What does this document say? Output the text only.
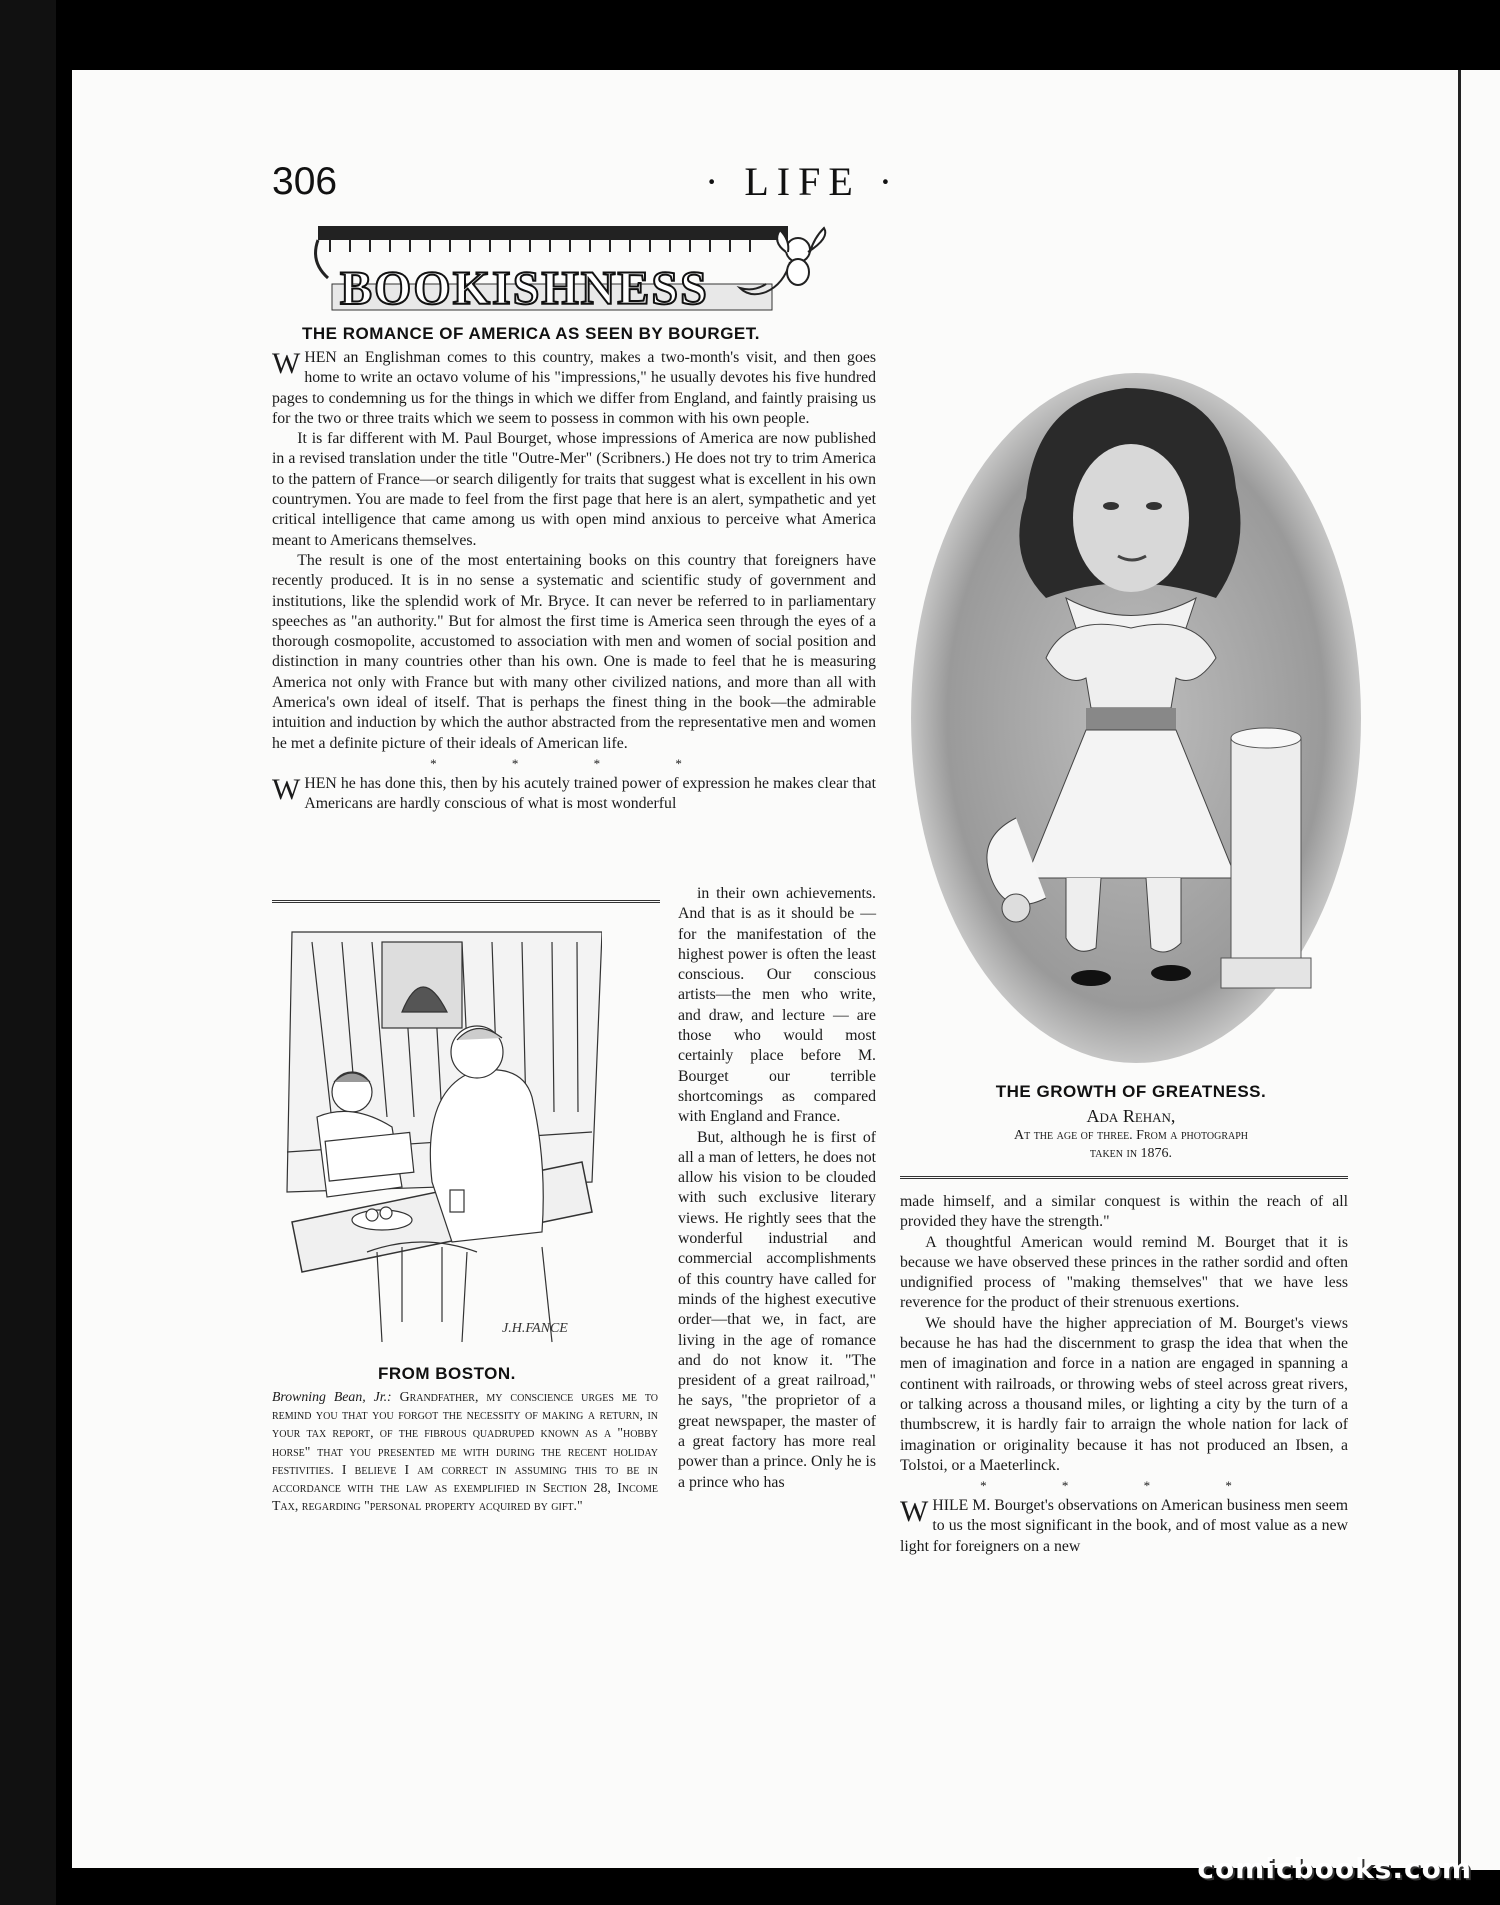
306	· LIFE ·
BOOKISHNESS
THE ROMANCE OF AMERICA AS SEEN BY BOURGET.

WHEN an Englishman comes to this country, makes a two-month's visit, and then goes home to write an octavo volume of his "impressions," he usually devotes his five hundred pages to condemning us for the things in which we differ from England, and faintly praising us for the two or three traits which we seem to possess in common with his own people.

It is far different with M. Paul Bourget, whose impressions of America are now published in a revised translation under the title "Outre-Mer" (Scribners.) He does not try to trim America to the pattern of France—or search diligently for traits that suggest what is excellent in his own countrymen. You are made to feel from the first page that here is an alert, sympathetic and yet critical intelligence that came among us with open mind anxious to perceive what America meant to Americans themselves.

The result is one of the most entertaining books on this country that foreigners have recently produced. It is in no sense a systematic and scientific study of government and institutions, like the splendid work of Mr. Bryce. It can never be referred to in parliamentary speeches as "an authority." But for almost the first time is America seen through the eyes of a thorough cosmopolite, accustomed to association with men and women of social position and distinction in many countries other than his own. One is made to feel that he is measuring America not only with France but with many other civilized nations, and more than all with America's own ideal of itself. That is perhaps the finest thing in the book—the admirable intuition and induction by which the author abstracted from the representative men and women he met a definite picture of their ideals of American life.

* * * *

WHEN he has done this, then by his acutely trained power of expression he makes clear that Americans are hardly conscious of what is most wonderful

J.H.FANCE
FROM BOSTON.
Browning Bean, Jr.: Grandfather, my conscience urges me to remind you that you forgot the necessity of making a return, in your tax report, of the fibrous quadruped known as a "hobby horse" that you presented me with during the recent holiday festivities. I believe I am correct in assuming this to be in accordance with the law as exemplified in Section 28, Income Tax, regarding "personal property acquired by gift."

in their own achievements. And that is as it should be —for the manifestation of the highest power is often the least conscious. Our conscious artists—the men who write, and draw, and lecture — are those who would most certainly place before M. Bourget our terrible shortcomings as compared with England and France.

But, although he is first of all a man of letters, he does not allow his vision to be clouded with such exclusive literary views. He rightly sees that the wonderful industrial and commercial accomplishments of this country have called for minds of the highest executive order—that we, in fact, are living in the age of romance and do not know it. "The president of a great railroad," he says, "the proprietor of a great newspaper, the master of a great factory has more real power than a prince. Only he is a prince who has

THE GROWTH OF GREATNESS.
Ada Rehan,
At the age of three. From a photograph
taken in 1876.

made himself, and a similar conquest is within the reach of all provided they have the strength."

A thoughtful American would remind M. Bourget that it is because we have observed these princes in the rather sordid and often undignified process of "making themselves" that we have less reverence for the product of their strenuous exertions.

We should have the higher appreciation of M. Bourget's views because he has had the discernment to grasp the idea that when the men of imagination and force in a nation are engaged in spanning a continent with railroads, or throwing webs of steel across great rivers, or talking across a thousand miles, or lighting a city by the turn of a thumbscrew, it is hardly fair to arraign the whole nation for lack of imagination or originality because it has not produced an Ibsen, a Tolstoi, or a Maeterlinck.

* * * *

WHILE M. Bourget's observations on American business men seem to us the most significant in the book, and of most value as a new light for foreigners on a new

comicbooks.com
